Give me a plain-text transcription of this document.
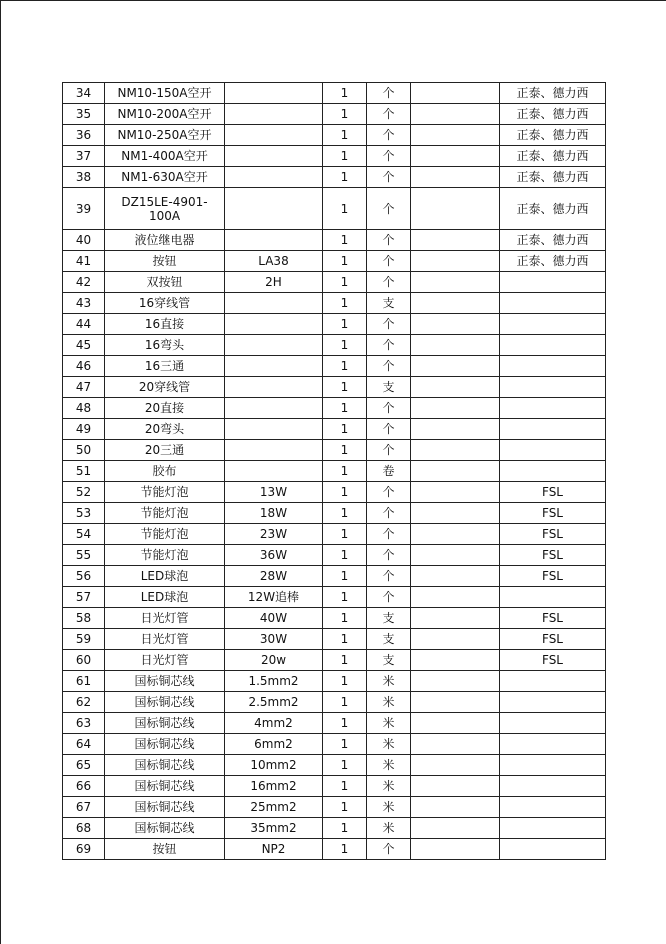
34	NM10-150A空开		1	个		正泰、德力西
35	NM10-200A空开		1	个		正泰、德力西
36	NM10-250A空开		1	个		正泰、德力西
37	NM1-400A空开		1	个		正泰、德力西
38	NM1-630A空开		1	个		正泰、德力西
39	DZ15LE-4901-
100A		1	个		正泰、德力西
40	液位继电器		1	个		正泰、德力西
41	按钮	LA38	1	个		正泰、德力西
42	双按钮	2H	1	个		
43	16穿线管		1	支		
44	16直接		1	个		
45	16弯头		1	个		
46	16三通		1	个		
47	20穿线管		1	支		
48	20直接		1	个		
49	20弯头		1	个		
50	20三通		1	个		
51	胶布		1	卷		
52	节能灯泡	13W	1	个		FSL
53	节能灯泡	18W	1	个		FSL
54	节能灯泡	23W	1	个		FSL
55	节能灯泡	36W	1	个		FSL
56	LED球泡	28W	1	个		FSL
57	LED球泡	12W追棒	1	个		
58	日光灯管	40W	1	支		FSL
59	日光灯管	30W	1	支		FSL
60	日光灯管	20w	1	支		FSL
61	国标铜芯线	1.5mm2	1	米		
62	国标铜芯线	2.5mm2	1	米		
63	国标铜芯线	4mm2	1	米		
64	国标铜芯线	6mm2	1	米		
65	国标铜芯线	10mm2	1	米		
66	国标铜芯线	16mm2	1	米		
67	国标铜芯线	25mm2	1	米		
68	国标铜芯线	35mm2	1	米		
69	按钮	NP2	1	个		
